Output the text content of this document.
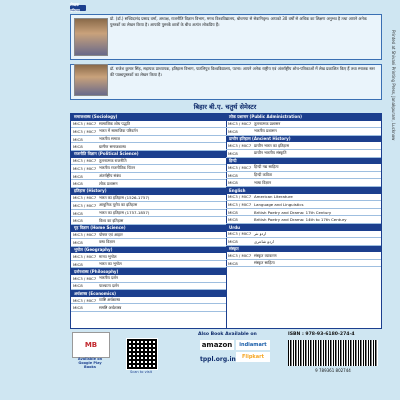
लेखक परिचय
प्रो. (डॉ.) सच्चिदानंद प्रसाद वर्मा, अध्यक्ष, राजनीति विज्ञान विभाग, मगध विश्वविद्यालय, बोधगया से सेवानिवृत्त। आपको 30 वर्षों से अधिक का शिक्षण अनुभव है तथा आपने अनेक पुस्तकों का लेखन किया है। आपकी पुस्तकें छात्रों के बीच अत्यंत लोकप्रिय हैं।
डॉ. राजेश कुमार सिंह, सहायक प्राध्यापक, इतिहास विभाग, पाटलिपुत्र विश्वविद्यालय, पटना। आपने अनेक राष्ट्रीय एवं अंतर्राष्ट्रीय शोध-पत्रिकाओं में लेख प्रकाशित किए हैं तथा स्नातक स्तर की पाठ्यपुस्तकों का लेखन किया है।
बिहार बी.ए. चतुर्थ सेमेस्टर
समाजशास्त्र (Sociology)
MIC3 / MIC7 सामाजिक शोध पद्धति
MIC3 / MIC7 भारत में सामाजिक परिवर्तन
MIC8	भारतीय समाज
MIC8	ग्रामीण समाजशास्त्र
राजनीति विज्ञान (Political Science)
MIC3 / MIC7 तुलनात्मक राजनीति
MIC3 / MIC7 भारतीय राजनीतिक चिंतन
MIC8	अंतर्राष्ट्रीय संबंध
MIC8	लोक प्रशासन
इतिहास (History)
MIC3 / MIC7 भारत का इतिहास (1526-1757)
MIC3 / MIC7 आधुनिक यूरोप का इतिहास
MIC8	भारत का इतिहास (1757-1857)
MIC8	विश्व का इतिहास
गृह विज्ञान (Home Science)
MIC3 / MIC7 पोषण एवं आहार
MIC8	वस्त्र विज्ञान
भूगोल (Geography)
MIC3 / MIC7 मानव भूगोल
MIC8	भारत का भूगोल
दर्शनशास्त्र (Philosophy)
MIC3 / MIC7 भारतीय दर्शन
MIC8	पाश्चात्य दर्शन
अर्थशास्त्र (Economics)
MIC3 / MIC7 व्यष्टि अर्थशास्त्र
MIC8	समष्टि अर्थशास्त्र
लोक प्रशासन (Public Administration)
MIC3 / MIC7 तुलनात्मक प्रशासन
MIC8	भारतीय प्रशासन
प्राचीन इतिहास (Ancient History)
MIC3 / MIC7 प्राचीन भारत का इतिहास
MIC8	प्राचीन भारतीय संस्कृति
हिन्दी
MIC3 / MIC7 हिन्दी गद्य साहित्य
MIC8	हिन्दी कविता
MIC8	भाषा विज्ञान
English
MIC3 / MIC7 American Literature
MIC3 / MIC7 Language and Linguistics
MIC8	British Poetry and Drama: 17th Century
MIC8	British Poetry and Drama: 14th to 17th Century
Urdu
MIC3 / MIC7 اردو نثر
MIC8	اردو شاعری
संस्कृत
MIC3 / MIC7 संस्कृत व्याकरण
MIC8	संस्कृत साहित्य
MB
Available on Google Play Books
Scan to visit
Also Book Available on
amazon	indiamart
Flipkart
tppl.org.in
ISBN : 978-93-6180-274-4
9 789361 802744
Printed at Shivani Printing Press, Janakpuram, Lucknow
